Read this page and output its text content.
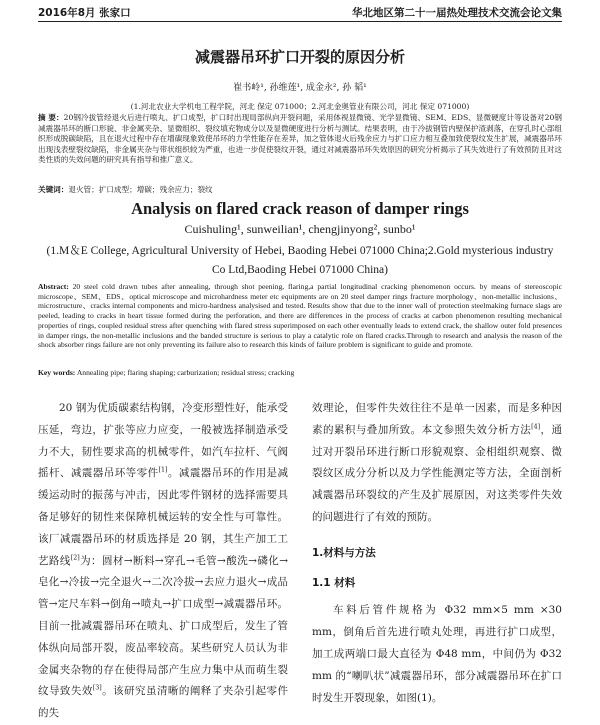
2016年8月 张家口	华北地区第二十一届热处理技术交流会论文集
减震器吊环扩口开裂的原因分析
崔书岭¹, 孙维莲¹, 成金永², 孙 韬¹
(1.河北农业大学机电工程学院，河北 保定 071000；2.河北金奥管业有限公司，河北 保定 071000)
摘 要：20钢冷拔管经退火后进行喷丸、扩口成型，扩口时出现局部纵向开裂问题，采用体视显微镜、光学显微镜、SEM、EDS、显微硬度计等设备对20钢减震器吊环的断口形貌、非金属夹杂、显微组织、裂纹填充物成分以及显微硬度进行分析与测试。结果表明，由于冷拔钢管内壁保护渣剥落，在穿孔时心部组织形成脱碳缺陷，且在退火过程中存在增碳现象致使吊环的力学性能存在差异，加之管体退火后残余应力与扩口应力相互叠加致使裂纹发生扩展，减震器吊环出现浅表壁裂纹缺陷，非金属夹杂与带状组织较为严重，也进一步促使裂纹开裂，通过对减震器吊环失效原因的研究分析揭示了其失效进行了有效预防且对这类性质的失效问题的研究具有指导和推广意义。
关键词：退火管；扩口成型；增碳；残余应力；裂纹
Analysis on flared crack reason of damper rings
Cuishuling¹, sunweilian¹, chengjinyong², sunbo¹
(1.M＆E College, Agricultural University of Hebei, Baoding Hebei 071000 China;2.Gold mysterious industry Co Ltd,Baoding Hebei 071000 China)
Abstract: 20 steel cold drawn tubes after annealing, through shot peening, flaring,a partial longitudinal cracking phenomenon occurs. by means of stereoscopic microscope、SEM、EDS、optical microscope and microhardness meter etc equipments are on 20 steel damper rings fracture morphology、non-metallic inclusions、microstructure、cracks internal components and micro-hardness analysised and tested. Results show that due to the inner wall of protection steelmaking furnace slags are peeled, leading to cracks in heart tissue formed during the perforation, and there are differences in the process of cracks at carbon phenomenon resulting mechanical properties of rings, coupled residual stress after quenching with flared stress superimposed on each other eventually leads to extend crack, the shallow outer fold presences in damper rings, the non-metallic inclusions and the banded structure is serious to play a catalytic role on flared cracks.Through to research and analysis the reason of the shock absorber rings failure are not only preventing its failure also to research this kinds of failure problem is significant to guide and promote.
Key words: Annealing pipe; flaring shaping; carburization; residual stress; cracking

20 钢为优质碳素结构钢，冷变形塑性好，能承受压延，弯边，扩张等应力应变，一般被选择制造承受力不大，韧性要求高的机械零件，如汽车拉杆、气阀摇杆、减震器吊环等零件[1]。减震器吊环的作用是减缓运动时的振荡与冲击，因此零件钢材的选择需要具备足够好的韧性来保障机械运转的安全性与可靠性。该厂减震器吊环的材质选择是 20 钢，其生产加工工艺路线[2]为：圆材→断料→穿孔→毛管→酸洗→磷化→皂化→冷拔→完全退火→二次冷拔→去应力退火→成品管→定尺车料→倒角→喷丸→扩口成型→减震器吊环。目前一批减震器吊环在喷丸、扩口成型后，发生了管体纵向局部开裂，废品率较高。某些研究人员认为非金属夹杂物的存在使得局部产生应力集中从而萌生裂纹导致失效[3]。该研究虽清晰的阐释了夹杂引起零件的失

效理论，但零件失效往往不是单一因素，而是多种因素的累积与叠加所致。本文参照失效分析方法[4]，通过对开裂吊环进行断口形貌观察、金相组织观察、微裂纹区成分分析以及力学性能测定等方法，全面剖析减震器吊环裂纹的产生及扩展原因，对这类零件失效的问题进行了有效的预防。

1.材料与方法
1.1 材料

车料后管件规格为 Φ32 mm×5 mm ×30 mm，倒角后首先进行喷丸处理，再进行扩口成型，加工成两端口最大直径为 Φ48 mm，中间仍为 Φ32 mm 的“喇叭状”减震器吊环，部分减震器吊环在扩口时发生开裂现象，如图(1)。
